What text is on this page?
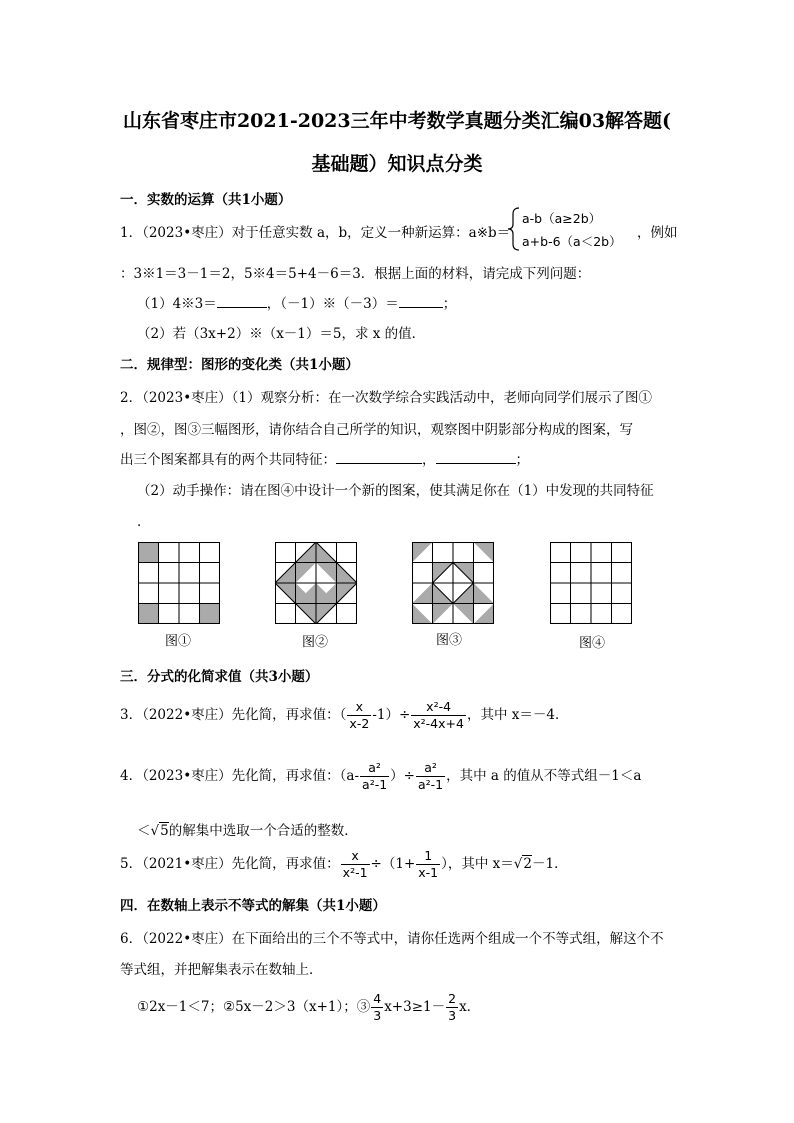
山东省枣庄市2021-2023三年中考数学真题分类汇编03解答题(
基础题）知识点分类
一．实数的运算（共1小题）
1．（2023•枣庄）对于任意实数 a，b，定义一种新运算：a※b＝
a-b（a≥2b）
a+b-6（a＜2b）
，例如
：3※1＝3－1＝2，5※4＝5+4－6＝3．根据上面的材料，请完成下列问题：
（1）4※3＝	，（－1）※（－3）＝	；
（2）若（3x+2）※（x－1）＝5，求 x 的值．
二．规律型：图形的变化类（共1小题）
2．（2023•枣庄）（1）观察分析：在一次数学综合实践活动中，老师向同学们展示了图①
，图②，图③三幅图形，请你结合自己所学的知识，观察图中阴影部分构成的图案，写
出三个图案都具有的两个共同特征：	，	；
（2）动手操作：请在图④中设计一个新的图案，使其满足你在（1）中发现的共同特征
．
图①	图②	图③	图④
三．分式的化简求值（共3小题）
3．（2022•枣庄）先化简，再求值：（ $\frac{x}{x-2} -1)\div \frac{\text{x²-4}}{\text{x²-4x+4}}$ ，其中 x＝－4．
4．（2023•枣庄）先化简，再求值：（$a- \frac{\text{a²}}{\text{a²-1}}$ ）÷ $\frac{\text{a²}}{\text{a²-1}}$ ，其中 a 的值从不等式组－1＜a
＜√5的解集中选取一个合适的整数．
5．（2021•枣庄）先化简，再求值： $\frac{x}{\text{x²-1}} \div(1+ \frac{1}{x-1}$ ），其中 x＝√2－1．
四．在数轴上表示不等式的解集（共1小题）
6．（2022•枣庄）在下面给出的三个不等式中，请你任选两个组成一个不等式组，解这个不
等式组，并把解集表示在数轴上．
①2x－1＜7；②5x－2＞3（x+1）；③ $\frac{4}{3} x+3\ge 1- \frac{2}{3}$ x．
